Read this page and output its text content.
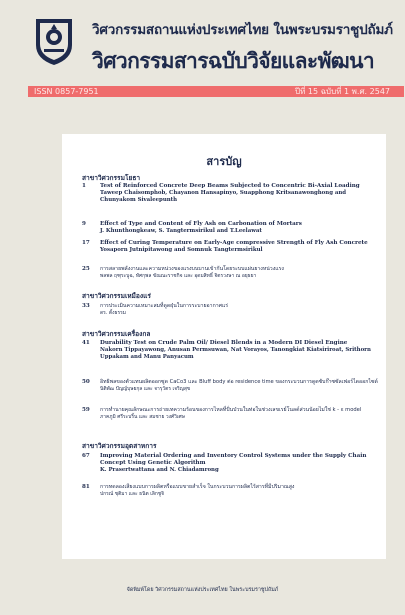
วิศวกรรมสถานแห่งประเทศไทย ในพระบรมราชูปถัมภ์
วิศวกรรมสารฉบับวิจัยและพัฒนา
ISSN 0857-7951	ปีที่ 15 ฉบับที่ 1 พ.ศ. 2547
สารบัญ
สาขาวิศวกรรมโยธา
1	Test of Reinforced Concrete Deep Beams Subjected to Concentric Bi-Axial Loading
Taweep Chaisomphob, Chayanon Hansapinyo, Suapphong Kritsanawonghong and Chunyakom Sivaleepunth
9	Effect of Type and Content of Fly Ash on Carbonation of Mortars
J. Khunthongkeaw, S. Tangtermsirikul and T.Leelawat
17	Effect of Curing Temperature on Early-Age compressive Strength of Fly Ash Concrete
Yosaporn Jutnipitawong and Somnuk Tangtermsirikul
25	การสลายพลังงานและความหน่วงของแรงบนบานเข้ากันโดยระบบแผ่นยางหน่วงแรง
พลพล ฤฑุระบูฉ, ทัศกุพล ขัณณะราชกิจ และ อุดมสิทธิ์ จิตรวงษา ณ อยุธยา
สาขาวิศวกรรมเหมืองแร่
33	การประเมินความเหมาะสมที่ดูดฝุ่นในการระบายอากาศแร่
ดร. ตั้งธรรม
สาขาวิศวกรรมเครื่องกล
41	Durability Test on Crude Palm Oil/ Diesel Blends in a Modern DI Diesel Engine
Nakorn Tippayawong, Anusan Permsuwan, Nat Vorayos, Tanongkiat Kiatsiriroat, Srithorn Uppakam and Manu Panyacum
50	อิทธิพลของตัวแทนผลิตออกซูด CaCo3 และ Bluff body ต่อ residence time ของกระบวนการดูดซับก๊าซซัลเฟอร์ไดออกไซด์
นิติพัฒ ปัญญ์บุษยกุล และ จารุวัตร เจริญสุข
59	การทำนายคุณลักษณะการถ่ายเทความร้อนของการไหลที่ปั่นป่วนในท่อในช่วงเลขเรย์โนลด์ส่วนน้อยไม่ใช่ k - ε model
ภาคภูมิ ศรีระบริ้น และ สมชาย วงศ์วิเศษ
สาขาวิศวกรรมอุตสาหการ
67	Improving Material Ordering and Inventory Control Systems under the Supply Chain Concept Using Genetic Algorithm
K. Prasertwattana and N. Chiadamrong
81	การทดลองเสียงแบบการผลิตหรือแบบขายสำเร็จ ในกระบวนการผลิตไร้สารที่มีปริมาณสูง
ปกรณ์ ชุติมา และ ธนิต เลิกชูจิ
จัดพิมพ์โดย วิศวกรรมสถานแห่งประเทศไทย ในพระบรมราชูปถัมภ์
